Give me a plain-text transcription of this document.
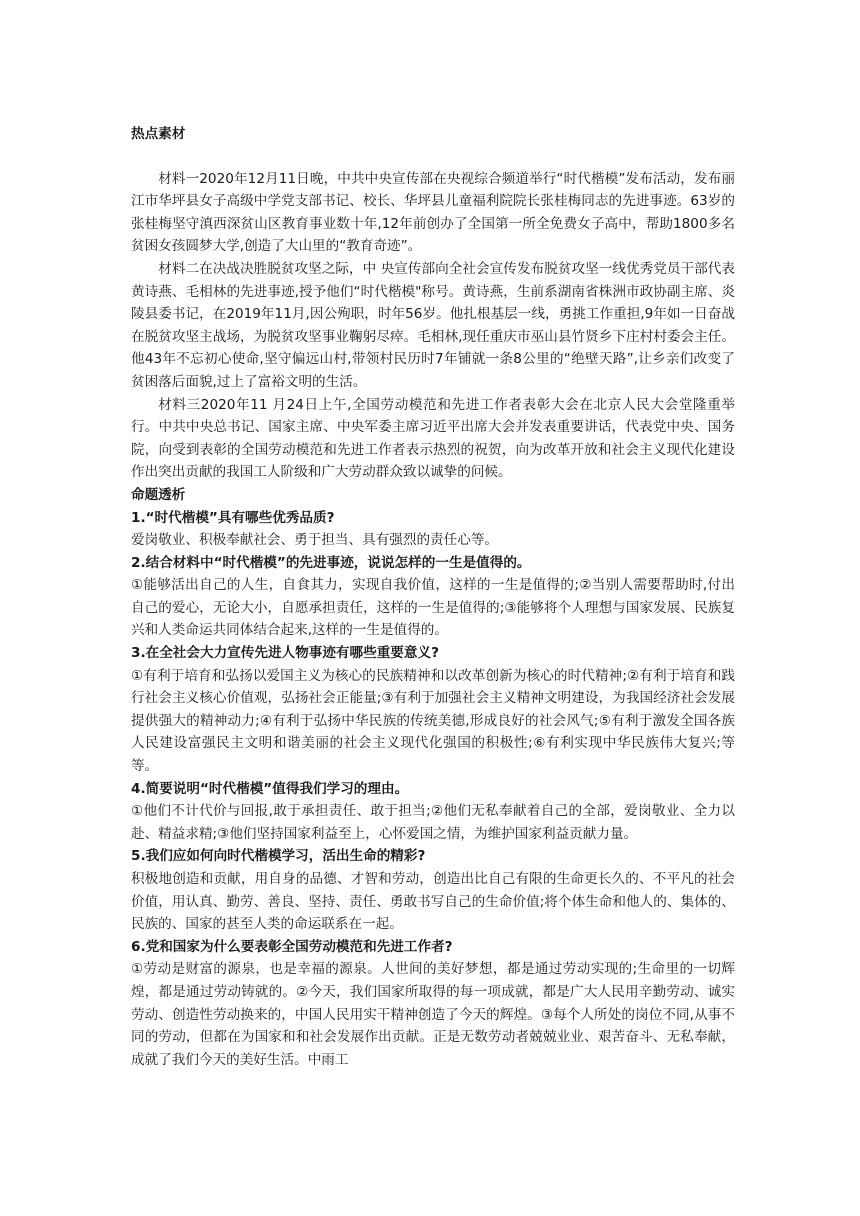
热点素材

材料一2020年12月11日晚，中共中央宣传部在央视综合频道举行“时代楷模”发布活动，发布丽江市华坪县女子高级中学党支部书记、校长、华坪县儿童福利院院长张桂梅同志的先进事迹。63岁的张桂梅坚守滇西深贫山区教育事业数十年,12年前创办了全国第一所全免费女子高中，帮助1800多名贫困女孩圆梦大学,创造了大山里的“教育奇迹”。

材料二在决战决胜脱贫攻坚之际，中 央宣传部向全社会宣传发布脱贫攻坚一线优秀党员干部代表黄诗燕、毛相林的先进事迹,授予他们“时代楷模"称号。黄诗燕，生前系湖南省株洲市政协副主席、炎陵县委书记，在2019年11月,因公殉职，时年56岁。他扎根基层一线，勇挑工作重担,9年如一日奋战在脱贫攻坚主战场，为脱贫攻坚事业鞠躬尽瘁。毛相林,现任重庆市巫山县竹贤乡下庄村村委会主任。他43年不忘初心使命,坚守偏远山村,带领村民历时7年铺就一条8公里的“绝壁天路”,让乡亲们改变了贫困落后面貌,过上了富裕文明的生活。

材料三2020年11 月24日上午,全国劳动模范和先进工作者表彰大会在北京人民大会堂隆重举行。中共中央总书记、国家主席、中央军委主席习近平出席大会并发表重要讲话，代表党中央、国务院，向受到表彰的全国劳动模范和先进工作者表示热烈的祝贺，向为改革开放和社会主义现代化建设作出突出贡献的我国工人阶级和广大劳动群众致以诚挚的问候。

命题透析

1.“时代楷模”具有哪些优秀品质?

爱岗敬业、积极奉献社会、勇于担当、具有强烈的责任心等。

2.结合材料中“时代楷模”的先进事迹，说说怎样的一生是值得的。

①能够活出自己的人生，自食其力，实现自我价值，这样的一生是值得的;②当别人需要帮助时,付出自己的爱心，无论大小，自愿承担责任，这样的一生是值得的;③能够将个人理想与国家发展、民族复兴和人类命运共同体结合起来,这样的一生是值得的。

3.在全社会大力宣传先进人物事迹有哪些重要意义?

①有利于培育和弘扬以爱国主义为核心的民族精神和以改革创新为核心的时代精神;②有利于培育和践行社会主义核心价值观，弘扬社会正能量;③有利于加强社会主义精神文明建设，为我国经济社会发展提供强大的精神动力;④有利于弘扬中华民族的传统美德,形成良好的社会风气;⑤有利于激发全国各族人民建设富强民主文明和谐美丽的社会主义现代化强国的积极性;⑥有利实现中华民族伟大复兴;等等。

4.简要说明“时代楷模”值得我们学习的理由。

①他们不计代价与回报,敢于承担责任、敢于担当;②他们无私奉献着自己的全部，爱岗敬业、全力以赴、精益求精;③他们坚持国家利益至上，心怀爱国之情，为维护国家利益贡献力量。

5.我们应如何向时代楷模学习，活出生命的精彩?

积极地创造和贡献，用自身的品德、才智和劳动，创造出比自己有限的生命更长久的、不平凡的社会价值，用认真、勤劳、善良、坚持、责任、勇敢书写自己的生命价值;将个体生命和他人的、集体的、民族的、国家的甚至人类的命运联系在一起。

6.党和国家为什么要表彰全国劳动模范和先进工作者?

①劳动是财富的源泉，也是幸福的源泉。人世间的美好梦想，都是通过劳动实现的;生命里的一切辉煌，都是通过劳动铸就的。②今天，我们国家所取得的每一项成就，都是广大人民用辛勤劳动、诚实劳动、创造性劳动换来的，中国人民用实干精神创造了今天的辉煌。③每个人所处的岗位不同,从事不同的劳动，但都在为国家和和社会发展作出贡献。正是无数劳动者兢兢业业、艰苦奋斗、无私奉献，成就了我们今天的美好生活。中雨工
